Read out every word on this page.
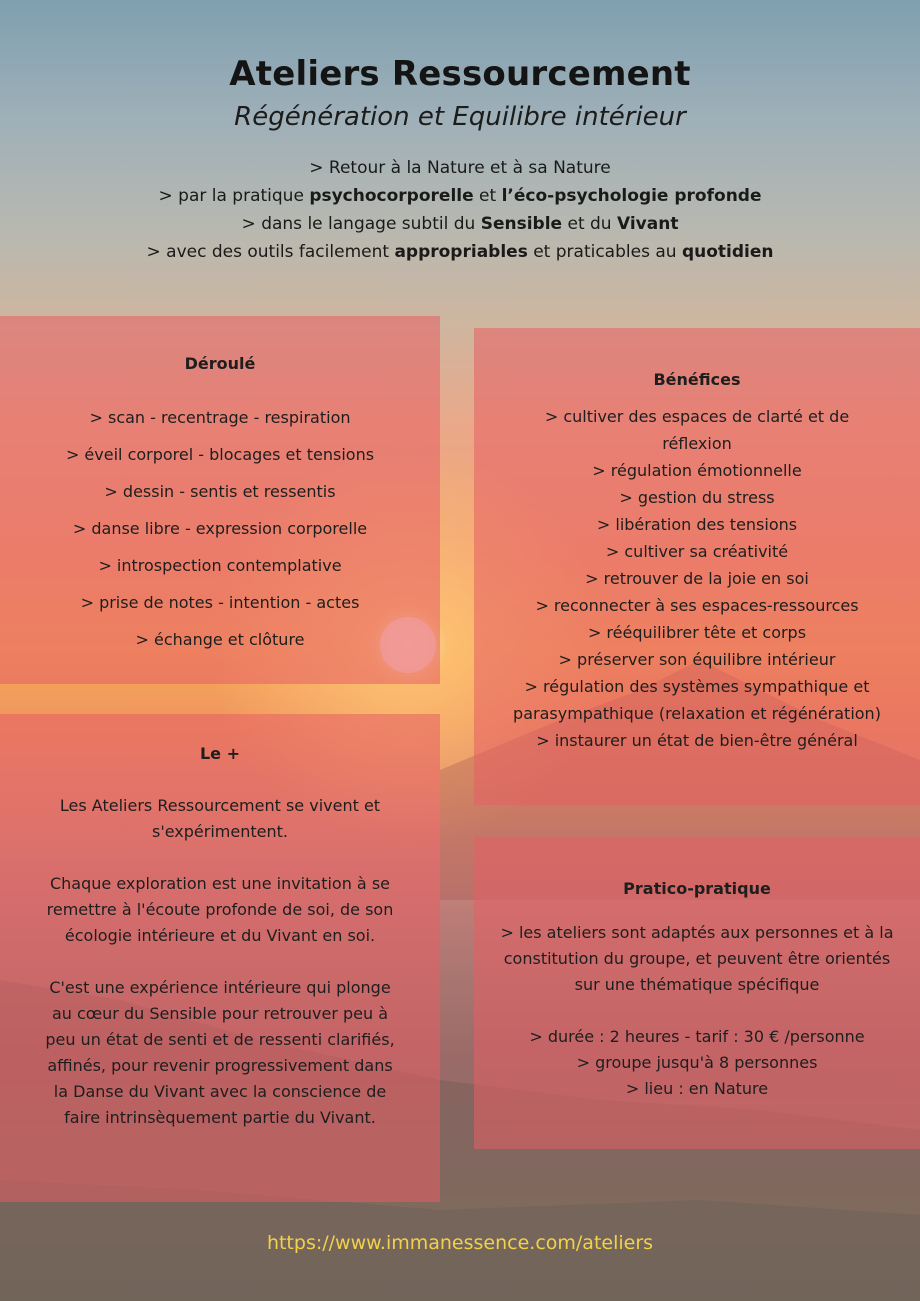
Ateliers Ressourcement
Régénération et Equilibre intérieur
> Retour à la Nature et à sa Nature
> par la pratique psychocorporelle et l’éco-psychologie profonde
> dans le langage subtil du Sensible et du Vivant
> avec des outils facilement appropriables et praticables au quotidien
Déroulé
> scan - recentrage - respiration
> éveil corporel - blocages et tensions
> dessin - sentis et ressentis
> danse libre - expression corporelle
> introspection contemplative
> prise de notes - intention - actes
> échange et clôture
Bénéfices
> cultiver des espaces de clarté et de réflexion
> régulation émotionnelle
> gestion du stress
> libération des tensions
> cultiver sa créativité
> retrouver de la joie en soi
> reconnecter à ses espaces-ressources
> rééquilibrer tête et corps
> préserver son équilibre intérieur
> régulation des systèmes sympathique et parasympathique (relaxation et régénération)
> instaurer un état de bien-être général
Le +

Les Ateliers Ressourcement se vivent et s'expérimentent.

Chaque exploration est une invitation à se remettre à l'écoute profonde de soi, de son écologie intérieure et du Vivant en soi.

C'est une expérience intérieure qui plonge au cœur du Sensible pour retrouver peu à peu un état de senti et de ressenti clarifiés, affinés, pour revenir progressivement dans la Danse du Vivant avec la conscience de faire intrinsèquement partie du Vivant.

Pratico-pratique

> les ateliers sont adaptés aux personnes et à la constitution du groupe, et peuvent être orientés sur une thématique spécifique

> durée : 2 heures - tarif : 30 € /personne
> groupe jusqu'à 8 personnes
> lieu : en Nature
https://www.immanessence.com/ateliers
